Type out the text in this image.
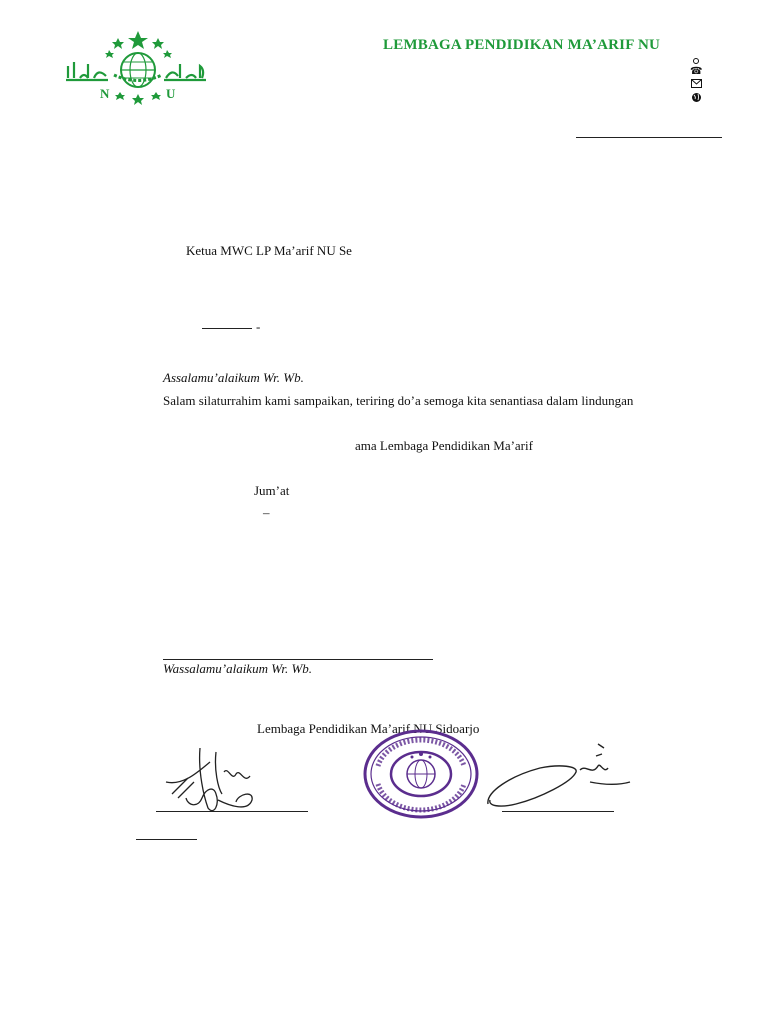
N	U
LEMBAGA PENDIDIKAN MA’ARIF NU
☎
Ketua MWC LP Ma’arif NU Se
-
Assalamu’alaikum Wr. Wb.
Salam silaturrahim kami sampaikan, teriring do’a semoga kita senantiasa dalam lindungan
ama Lembaga Pendidikan Ma’arif
Jum’at
–
Wassalamu’alaikum Wr. Wb.
Lembaga Pendidikan Ma’arif NU Sidoarjo
